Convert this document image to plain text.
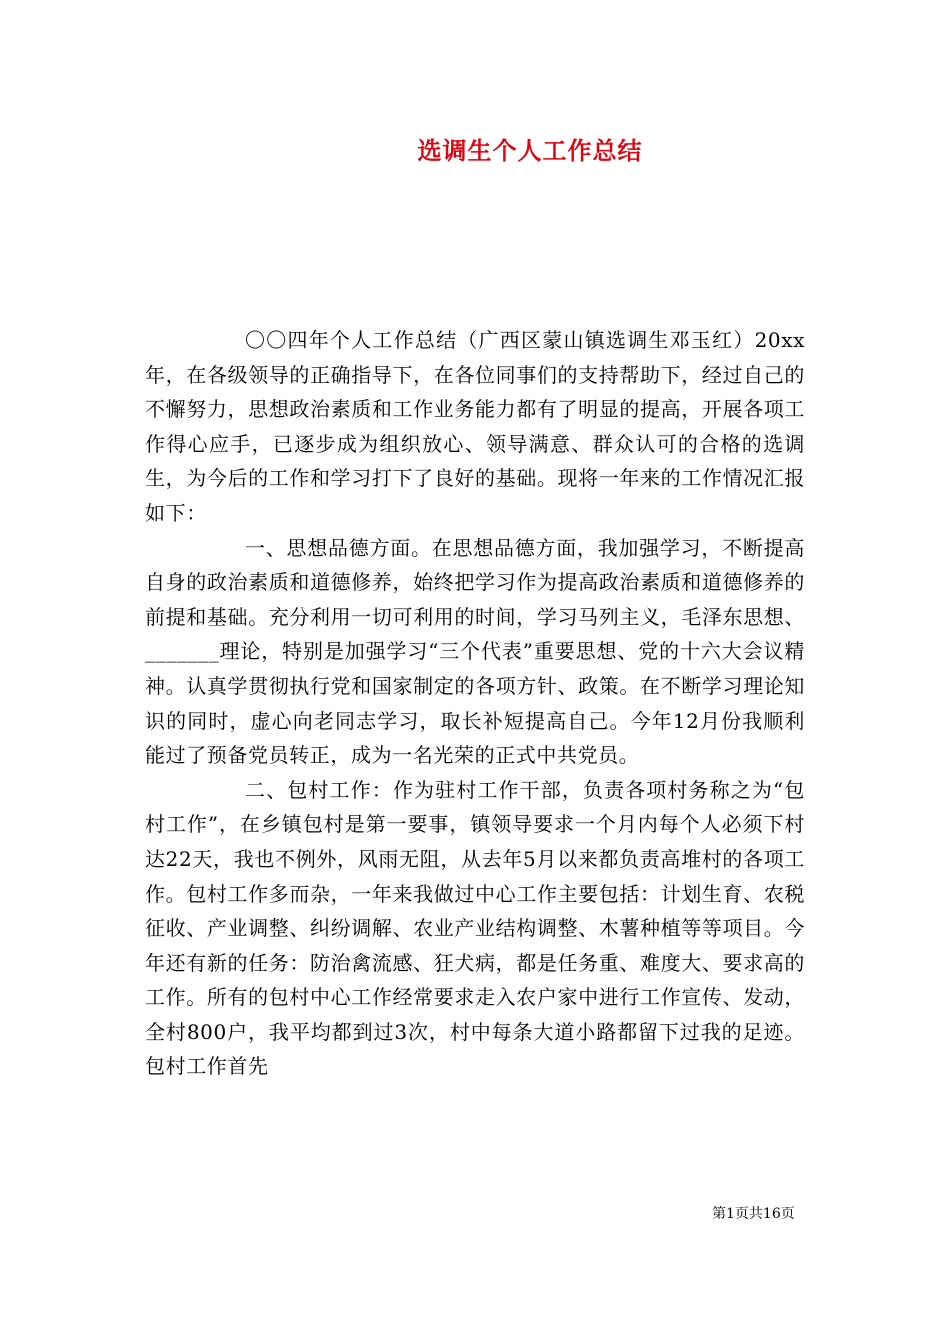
选调生个人工作总结

〇〇四年个人工作总结（广西区蒙山镇选调生邓玉红）20xx年，在各级领导的正确指导下，在各位同事们的支持帮助下，经过自己的不懈努力，思想政治素质和工作业务能力都有了明显的提高，开展各项工作得心应手，已逐步成为组织放心、领导满意、群众认可的合格的选调生，为今后的工作和学习打下了良好的基础。现将一年来的工作情况汇报如下：

一、思想品德方面。在思想品德方面，我加强学习，不断提高自身的政治素质和道德修养，始终把学习作为提高政治素质和道德修养的前提和基础。充分利用一切可利用的时间，学习马列主义，毛泽东思想、_______理论，特别是加强学习“三个代表”重要思想、党的十六大会议精神。认真学贯彻执行党和国家制定的各项方针、政策。在不断学习理论知识的同时，虚心向老同志学习，取长补短提高自己。今年12月份我顺利能过了预备党员转正，成为一名光荣的正式中共党员。

二、包村工作：作为驻村工作干部，负责各项村务称之为“包村工作”，在乡镇包村是第一要事，镇领导要求一个月内每个人必须下村达22天，我也不例外，风雨无阻，从去年5月以来都负责高堆村的各项工作。包村工作多而杂，一年来我做过中心工作主要包括：计划生育、农税征收、产业调整、纠纷调解、农业产业结构调整、木薯种植等等项目。今年还有新的任务：防治禽流感、狂犬病，都是任务重、难度大、要求高的工作。所有的包村中心工作经常要求走入农户家中进行工作宣传、发动，全村800户，我平均都到过3次，村中每条大道小路都留下过我的足迹。包村工作首先

第1页共16页
